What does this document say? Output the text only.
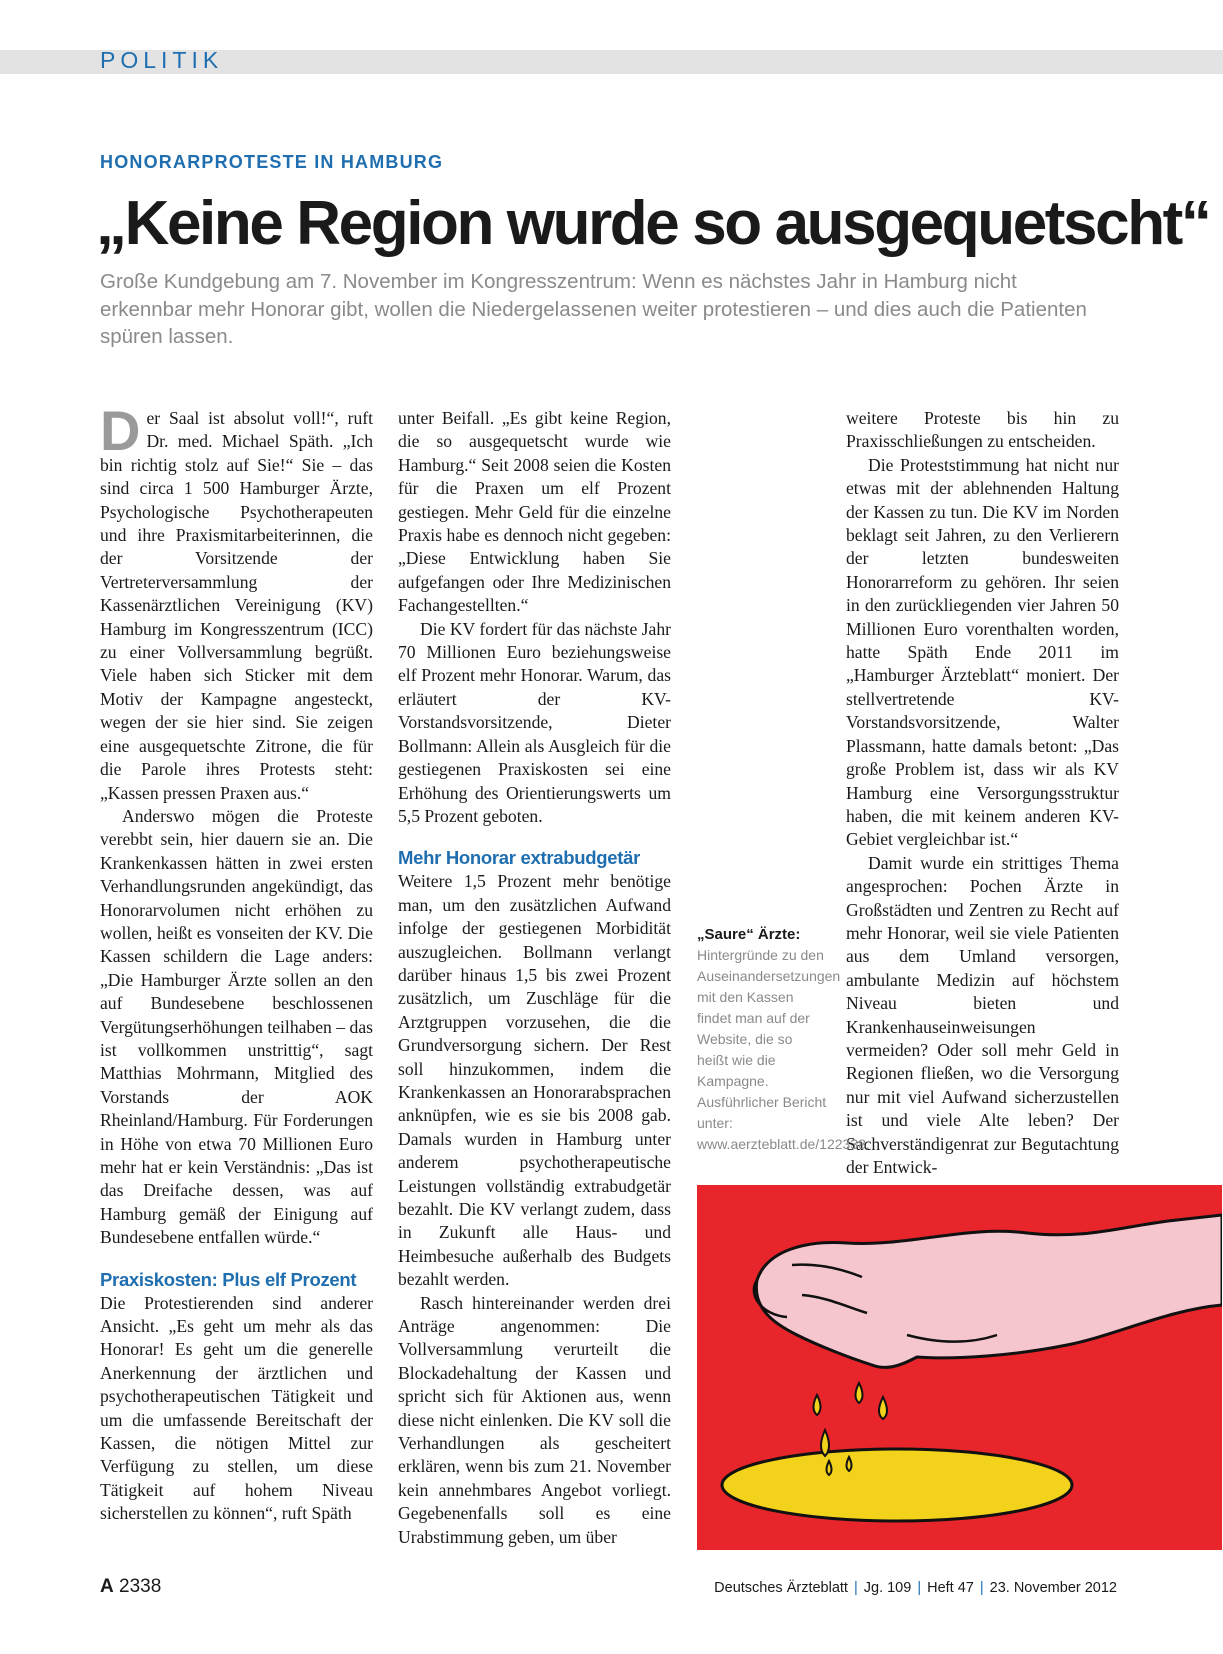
POLITIK
HONORARPROTESTE IN HAMBURG
„Keine Region wurde so ausgequetscht“

Große Kundgebung am 7. November im Kongresszentrum: Wenn es nächstes Jahr in Hamburg nicht erkennbar mehr Honorar gibt, wollen die Niedergelassenen weiter protestieren – und dies auch die Patienten spüren lassen.

Der Saal ist absolut voll!“, ruft Dr. med. Michael Späth. „Ich bin richtig stolz auf Sie!“ Sie – das sind circa 1 500 Hamburger Ärzte, Psychologische Psychotherapeuten und ihre Praxismitarbeiterinnen, die der Vorsitzende der Vertreterversammlung der Kassenärztlichen Vereinigung (KV) Hamburg im Kongresszentrum (ICC) zu einer Vollversammlung begrüßt. Viele haben sich Sticker mit dem Motiv der Kampagne angesteckt, wegen der sie hier sind. Sie zeigen eine ausgequetschte Zitrone, die für die Parole ihres Protests steht: „Kassen pressen Praxen aus.“

Anderswo mögen die Proteste verebbt sein, hier dauern sie an. Die Krankenkassen hätten in zwei ersten Verhandlungsrunden angekündigt, das Honorarvolumen nicht erhöhen zu wollen, heißt es vonseiten der KV. Die Kassen schildern die Lage anders: „Die Hamburger Ärzte sollen an den auf Bundesebene beschlossenen Vergütungserhöhungen teilhaben – das ist vollkommen unstrittig“, sagt Matthias Mohrmann, Mitglied des Vorstands der AOK Rheinland/Hamburg. Für Forderungen in Höhe von etwa 70 Millionen Euro mehr hat er kein Verständnis: „Das ist das Dreifache dessen, was auf Hamburg gemäß der Einigung auf Bundesebene entfallen würde.“

Praxiskosten: Plus elf Prozent

Die Protestierenden sind anderer Ansicht. „Es geht um mehr als das Honorar! Es geht um die generelle Anerkennung der ärztlichen und psychotherapeutischen Tätigkeit und um die umfassende Bereitschaft der Kassen, die nötigen Mittel zur Verfügung zu stellen, um diese Tätigkeit auf hohem Niveau sicherstellen zu können“, ruft Späth

unter Beifall. „Es gibt keine Region, die so ausgequetscht wurde wie Hamburg.“ Seit 2008 seien die Kosten für die Praxen um elf Prozent gestiegen. Mehr Geld für die einzelne Praxis habe es dennoch nicht gegeben: „Diese Entwicklung haben Sie aufgefangen oder Ihre Medizinischen Fachangestellten.“

Die KV fordert für das nächste Jahr 70 Millionen Euro beziehungsweise elf Prozent mehr Honorar. Warum, das erläutert der KV-Vorstandsvorsitzende, Dieter Bollmann: Allein als Ausgleich für die gestiegenen Praxiskosten sei eine Erhöhung des Orientierungswerts um 5,5 Prozent geboten.

Mehr Honorar extrabudgetär

Weitere 1,5 Prozent mehr benötige man, um den zusätzlichen Aufwand infolge der gestiegenen Morbidität auszugleichen. Bollmann verlangt darüber hinaus 1,5 bis zwei Prozent zusätzlich, um Zuschläge für die Arztgruppen vorzusehen, die die Grundversorgung sichern. Der Rest soll hinzukommen, indem die Krankenkassen an Honorarabsprachen anknüpfen, wie es sie bis 2008 gab. Damals wurden in Hamburg unter anderem psychotherapeutische Leistungen vollständig extrabudgetär bezahlt. Die KV verlangt zudem, dass in Zukunft alle Haus- und Heimbesuche außerhalb des Budgets bezahlt werden.

Rasch hintereinander werden drei Anträge angenommen: Die Vollversammlung verurteilt die Blockadehaltung der Kassen und spricht sich für Aktionen aus, wenn diese nicht einlenken. Die KV soll die Verhandlungen als gescheitert erklären, wenn bis zum 21. November kein annehmbares Angebot vorliegt. Gegebenenfalls soll es eine Urabstimmung geben, um über

weitere Proteste bis hin zu Praxisschließungen zu entscheiden.

Die Proteststimmung hat nicht nur etwas mit der ablehnenden Haltung der Kassen zu tun. Die KV im Norden beklagt seit Jahren, zu den Verlierern der letzten bundesweiten Honorarreform zu gehören. Ihr seien in den zurückliegenden vier Jahren 50 Millionen Euro vorenthalten worden, hatte Späth Ende 2011 im „Hamburger Ärzteblatt“ moniert. Der stellvertretende KV-Vorstandsvorsitzende, Walter Plassmann, hatte damals betont: „Das große Problem ist, dass wir als KV Hamburg eine Versorgungsstruktur haben, die mit keinem anderen KV-Gebiet vergleichbar ist.“

Damit wurde ein strittiges Thema angesprochen: Pochen Ärzte in Großstädten und Zentren zu Recht auf mehr Honorar, weil sie viele Patienten aus dem Umland versorgen, ambulante Medizin auf höchstem Niveau bieten und Krankenhauseinweisungen vermeiden? Oder soll mehr Geld in Regionen fließen, wo die Versorgung nur mit viel Aufwand sicherzustellen ist und viele Alte leben? Der Sachverständigenrat zur Begutachtung der Entwick-

„Saure“ Ärzte:
Hintergründe zu den Auseinandersetzungen mit den Kassen findet man auf der Website, die so heißt wie die Kampagne. Ausführlicher Bericht unter: www.aerzteblatt.de/122338.
A 2338	Deutsches Ärzteblatt | Jg. 109 | Heft 47 | 23. November 2012
